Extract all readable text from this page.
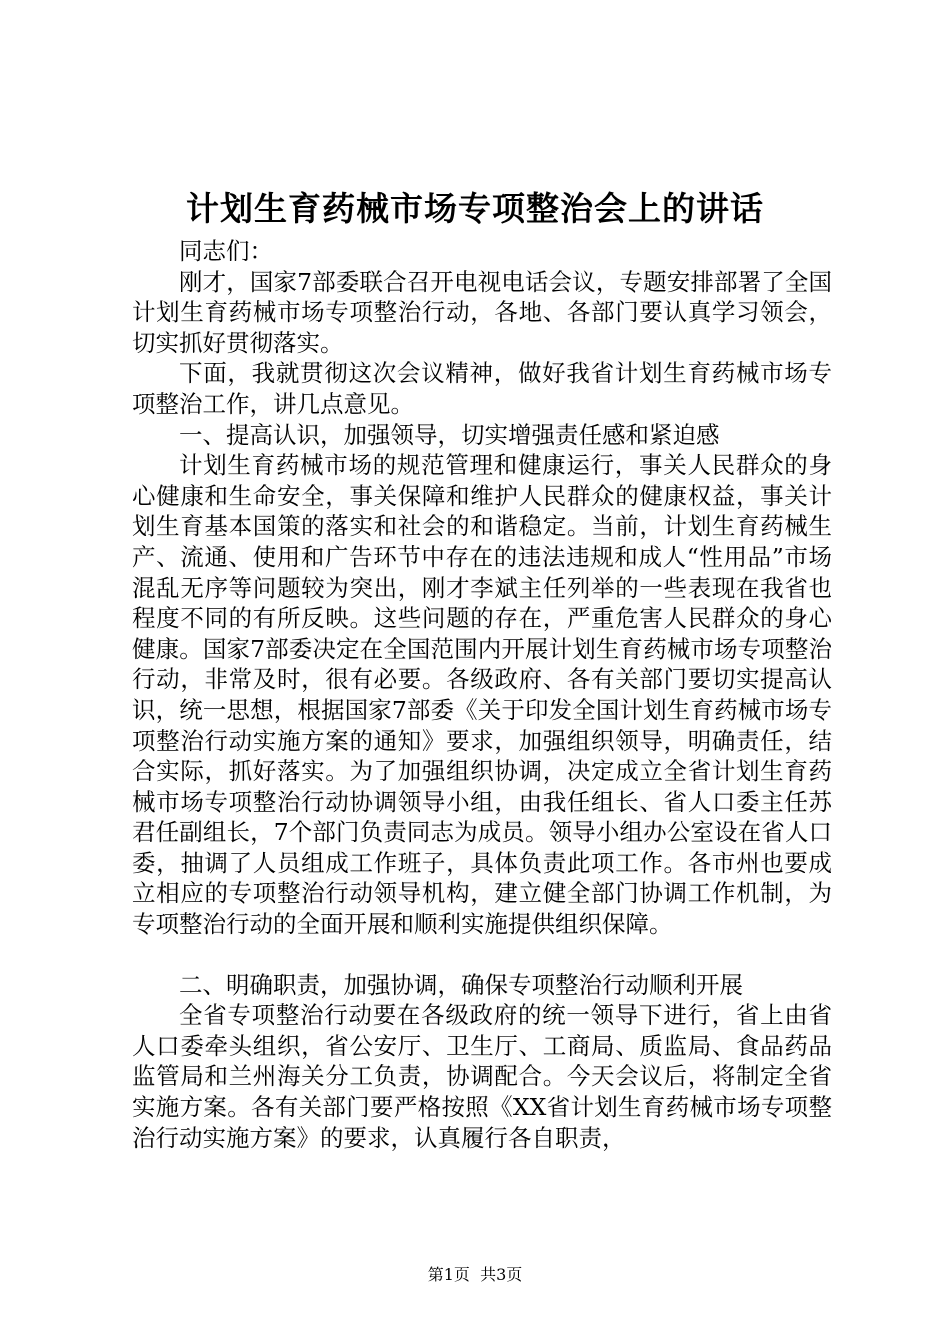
计划生育药械市场专项整治会上的讲话

同志们：

刚才，国家7部委联合召开电视电话会议，专题安排部署了全国计划生育药械市场专项整治行动，各地、各部门要认真学习领会，切实抓好贯彻落实。

下面，我就贯彻这次会议精神，做好我省计划生育药械市场专项整治工作，讲几点意见。

一、提高认识，加强领导，切实增强责任感和紧迫感

计划生育药械市场的规范管理和健康运行，事关人民群众的身心健康和生命安全，事关保障和维护人民群众的健康权益，事关计划生育基本国策的落实和社会的和谐稳定。当前，计划生育药械生产、流通、使用和广告环节中存在的违法违规和成人“性用品”市场混乱无序等问题较为突出，刚才李斌主任列举的一些表现在我省也程度不同的有所反映。这些问题的存在，严重危害人民群众的身心健康。国家7部委决定在全国范围内开展计划生育药械市场专项整治行动，非常及时，很有必要。各级政府、各有关部门要切实提高认识，统一思想，根据国家7部委《关于印发全国计划生育药械市场专项整治行动实施方案的通知》要求，加强组织领导，明确责任，结合实际，抓好落实。为了加强组织协调，决定成立全省计划生育药械市场专项整治行动协调领导小组，由我任组长、省人口委主任苏君任副组长，7个部门负责同志为成员。领导小组办公室设在省人口委，抽调了人员组成工作班子，具体负责此项工作。各市州也要成立相应的专项整治行动领导机构，建立健全部门协调工作机制，为专项整治行动的全面开展和顺利实施提供组织保障。

二、明确职责，加强协调，确保专项整治行动顺利开展

全省专项整治行动要在各级政府的统一领导下进行，省上由省人口委牵头组织，省公安厅、卫生厅、工商局、质监局、食品药品监管局和兰州海关分工负责，协调配合。今天会议后，将制定全省实施方案。各有关部门要严格按照《XX省计划生育药械市场专项整治行动实施方案》的要求，认真履行各自职责，

第1页  共3页
